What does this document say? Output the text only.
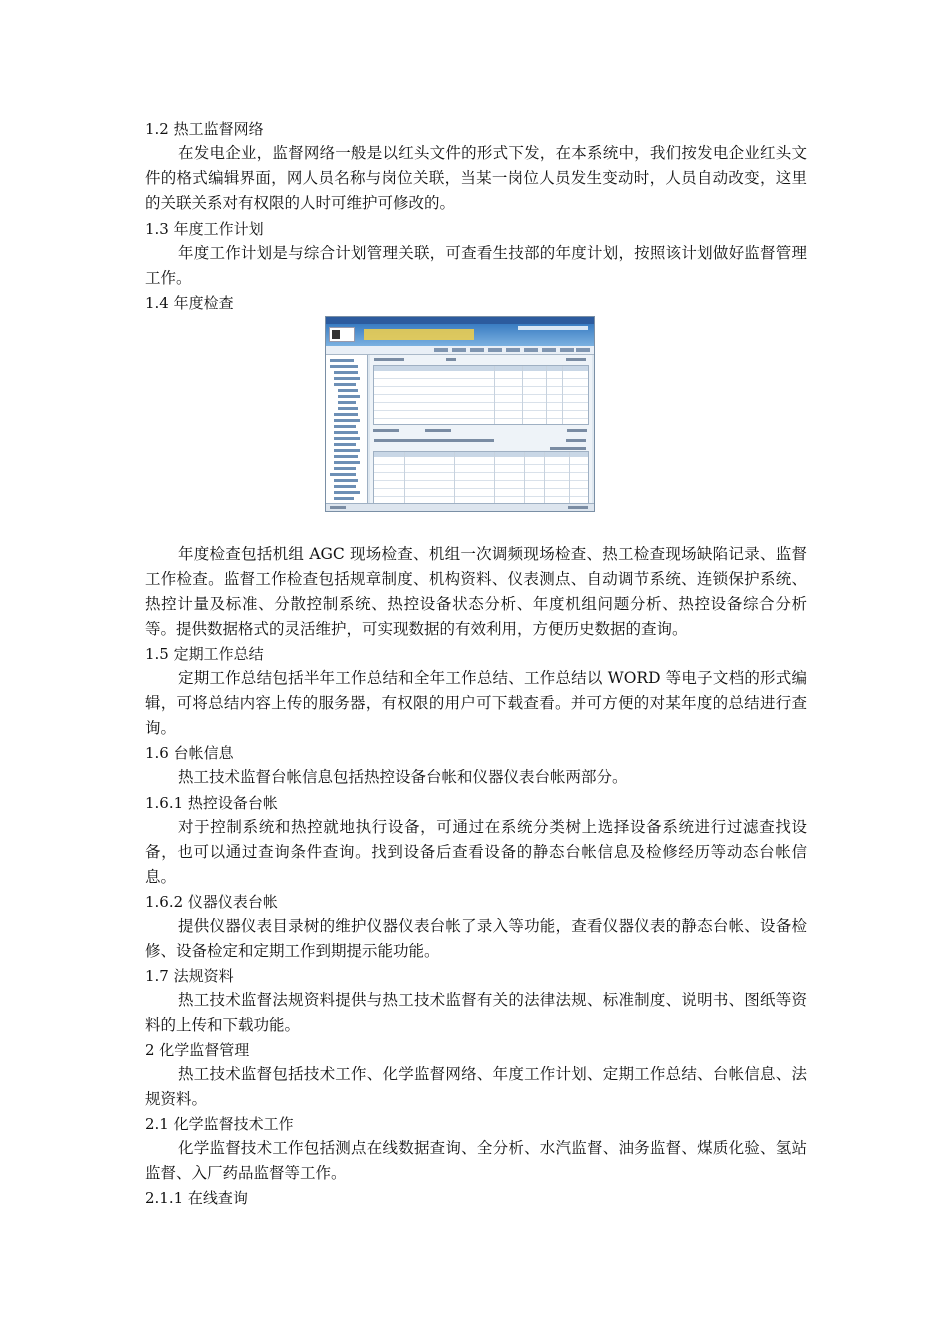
1.2 热工监督网络
在发电企业，监督网络一般是以红头文件的形式下发，在本系统中，我们按发电企业红头文件的格式编辑界面，网人员名称与岗位关联，当某一岗位人员发生变动时，人员自动改变，这里的关联关系对有权限的人时可维护可修改的。
1.3 年度工作计划
年度工作计划是与综合计划管理关联，可查看生技部的年度计划，按照该计划做好监督管理工作。
1.4 年度检查
年度检查包括机组 AGC 现场检查、机组一次调频现场检查、热工检查现场缺陷记录、监督工作检查。监督工作检查包括规章制度、机构资料、仪表测点、自动调节系统、连锁保护系统、热控计量及标准、分散控制系统、热控设备状态分析、年度机组问题分析、热控设备综合分析等。提供数据格式的灵活维护，可实现数据的有效利用，方便历史数据的查询。
1.5 定期工作总结
定期工作总结包括半年工作总结和全年工作总结、工作总结以 WORD 等电子文档的形式编辑，可将总结内容上传的服务器，有权限的用户可下载查看。并可方便的对某年度的总结进行查询。
1.6 台帐信息
热工技术监督台帐信息包括热控设备台帐和仪器仪表台帐两部分。
1.6.1 热控设备台帐
对于控制系统和热控就地执行设备，可通过在系统分类树上选择设备系统进行过滤查找设备，也可以通过查询条件查询。找到设备后查看设备的静态台帐信息及检修经历等动态台帐信息。
1.6.2 仪器仪表台帐
提供仪器仪表目录树的维护仪器仪表台帐了录入等功能，查看仪器仪表的静态台帐、设备检修、设备检定和定期工作到期提示能功能。
1.7 法规资料
热工技术监督法规资料提供与热工技术监督有关的法律法规、标准制度、说明书、图纸等资料的上传和下载功能。
2 化学监督管理
热工技术监督包括技术工作、化学监督网络、年度工作计划、定期工作总结、台帐信息、法规资料。
2.1 化学监督技术工作
化学监督技术工作包括测点在线数据查询、全分析、水汽监督、油务监督、煤质化验、氢站监督、入厂药品监督等工作。
2.1.1 在线查询
